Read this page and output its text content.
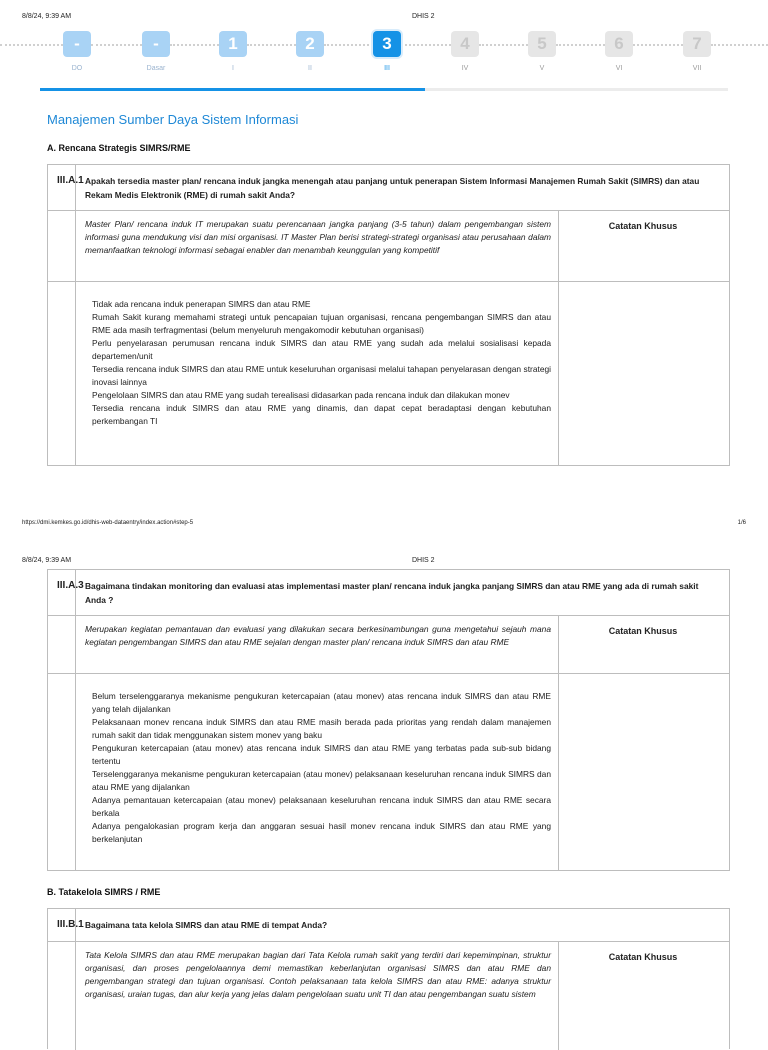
8/8/24, 9:39 AM	DHIS 2
-
DO
-
Dasar
1
I
2
II
3
III
4
IV
5
V
6
VI
7
VII
Manajemen Sumber Daya Sistem Informasi
A. Rencana Strategis SIMRS/RME
III.A.1 Apakah tersedia master plan/ rencana induk jangka menengah atau panjang untuk penerapan Sistem Informasi Manajemen Rumah Sakit (SIMRS) dan atau Rekam Medis Elektronik (RME) di rumah sakit Anda?
Master Plan/ rencana induk IT merupakan suatu perencanaan jangka panjang (3-5 tahun) dalam pengembangan sistem informasi guna mendukung visi dan misi organisasi. IT Master Plan berisi strategi-strategi organisasi atau perusahaan dalam memanfaatkan teknologi informasi sebagai enabler dan menambah keunggulan yang kompetitif
Catatan Khusus

Tidak ada rencana induk penerapan SIMRS dan atau RME

Rumah Sakit kurang memahami strategi untuk pencapaian tujuan organisasi, rencana pengembangan SIMRS dan atau RME ada masih terfragmentasi (belum menyeluruh mengakomodir kebutuhan organisasi)

Perlu penyelarasan perumusan rencana induk SIMRS dan atau RME yang sudah ada melalui sosialisasi kepada departemen/unit

Tersedia rencana induk SIMRS dan atau RME untuk keseluruhan organisasi melalui tahapan penyelarasan dengan strategi inovasi lainnya

Pengelolaan SIMRS dan atau RME yang sudah terealisasi didasarkan pada rencana induk dan dilakukan monev

Tersedia rencana induk SIMRS dan atau RME yang dinamis, dan dapat cepat beradaptasi dengan kebutuhan perkembangan TI

https://dmi.kemkes.go.id/dhis-web-dataentry/index.action#step-5	1/6
8/8/24, 9:39 AM	DHIS 2
III.A.3 Bagaimana tindakan monitoring dan evaluasi atas implementasi master plan/ rencana induk jangka panjang SIMRS dan atau RME yang ada di rumah sakit Anda ?
Merupakan kegiatan pemantauan dan evaluasi yang dilakukan secara berkesinambungan guna mengetahui sejauh mana kegiatan pengembangan SIMRS dan atau RME sejalan dengan master plan/ rencana induk SIMRS dan atau RME
Catatan Khusus

Belum terselenggaranya mekanisme pengukuran ketercapaian (atau monev) atas rencana induk SIMRS dan atau RME yang telah dijalankan

Pelaksanaan monev rencana induk SIMRS dan atau RME masih berada pada prioritas yang rendah dalam manajemen rumah sakit dan tidak menggunakan sistem monev yang baku

Pengukuran ketercapaian (atau monev) atas rencana induk SIMRS dan atau RME yang terbatas pada sub-sub bidang tertentu

Terselenggaranya mekanisme pengukuran ketercapaian (atau monev) pelaksanaan keseluruhan rencana induk SIMRS dan atau RME yang dijalankan

Adanya pemantauan ketercapaian (atau monev) pelaksanaan keseluruhan rencana induk SIMRS dan atau RME secara berkala

Adanya pengalokasian program kerja dan anggaran sesuai hasil monev rencana induk SIMRS dan atau RME yang berkelanjutan

B. Tatakelola SIMRS / RME
III.B.1 Bagaimana tata kelola SIMRS dan atau RME di tempat Anda?
Tata Kelola SIMRS dan atau RME merupakan bagian dari Tata Kelola rumah sakit yang terdiri dari kepemimpinan, struktur organisasi, dan proses pengelolaannya demi memastikan keberlanjutan organisasi SIMRS dan atau RME dan pengembangan strategi dan tujuan organisasi. Contoh pelaksanaan tata kelola SIMRS dan atau RME: adanya struktur organisasi, uraian tugas, dan alur kerja yang jelas dalam pengelolaan suatu unit TI dan atau pengembangan suatu sistem
Catatan Khusus
